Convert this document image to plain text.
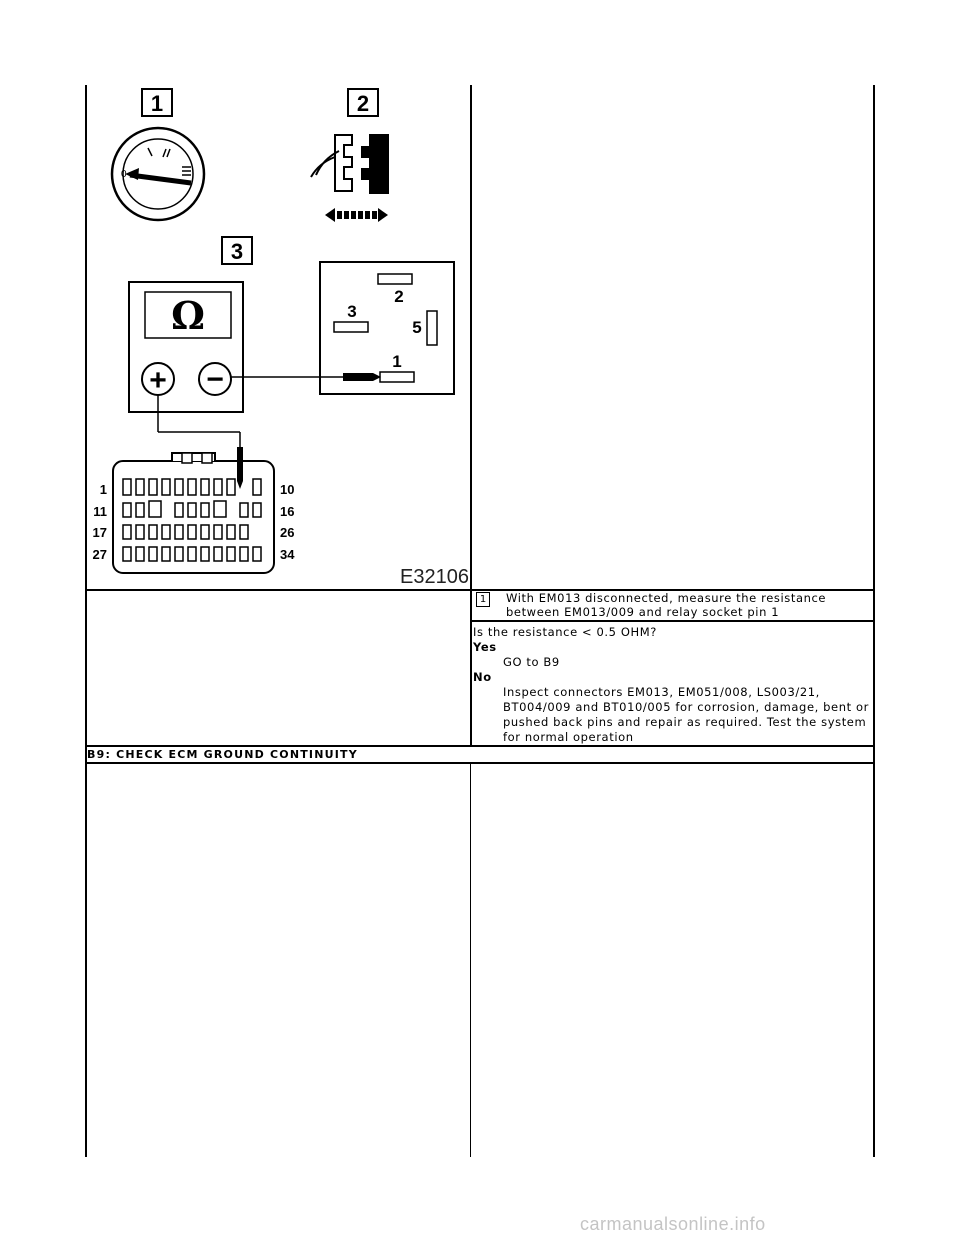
1	2
3
0
2
3
5
1
Ω
+ −
1
11
17
27
10
16
26
34
E32106
1	With EM013 disconnected, measure the resistance
between EM013/009 and relay socket pin 1
Is the resistance < 0.5 OHM?
Yes
GO to B9
No
Inspect connectors EM013, EM051/008, LS003/21,
BT004/009 and BT010/005 for corrosion, damage, bent or
pushed back pins and repair as required. Test the system
for normal operation
B9: CHECK ECM GROUND CONTINUITY
carmanualsonline.info
